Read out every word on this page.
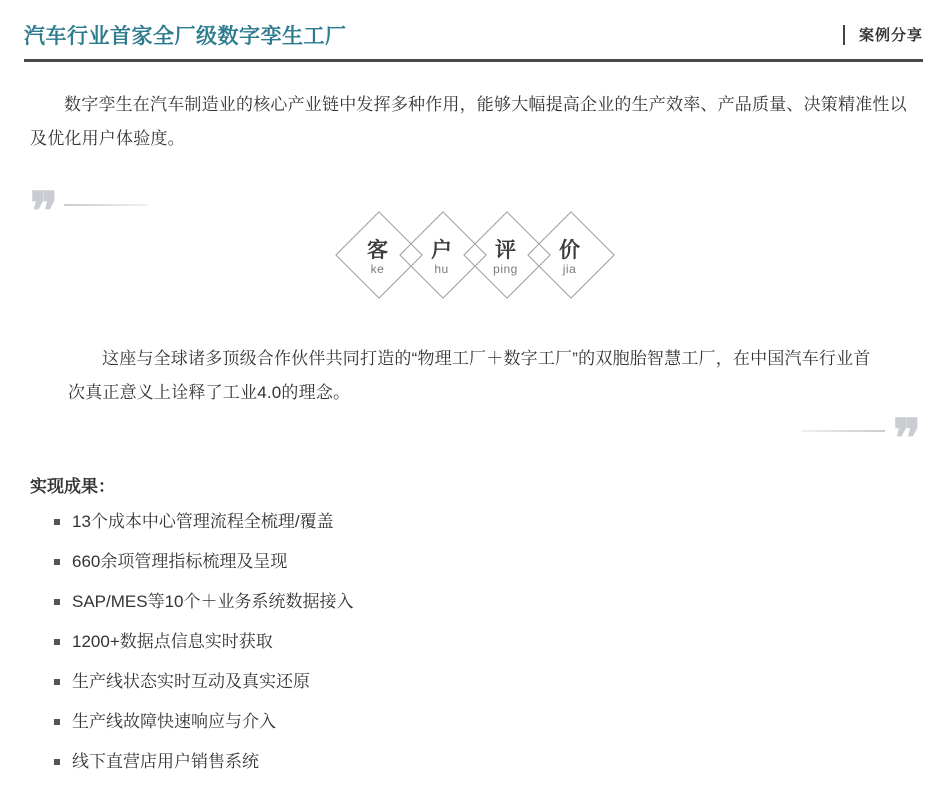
汽车行业首家全厂级数字孪生工厂	案例分享

数字孪生在汽车制造业的核心产业链中发挥多种作用，能够大幅提高企业的生产效率、产品质量、决策精准性以及优化用户体验度。

❞
客
ke
户
hu
评
ping
价
jia

这座与全球诸多顶级合作伙伴共同打造的“物理工厂＋数字工厂”的双胞胎智慧工厂，在中国汽车行业首次真正意义上诠释了工业4.0的理念。

❞
实现成果：
13个成本中心管理流程全梳理/覆盖
660余项管理指标梳理及呈现
SAP/MES等10个＋业务系统数据接入
1200+数据点信息实时获取
生产线状态实时互动及真实还原
生产线故障快速响应与介入
线下直营店用户销售系统
